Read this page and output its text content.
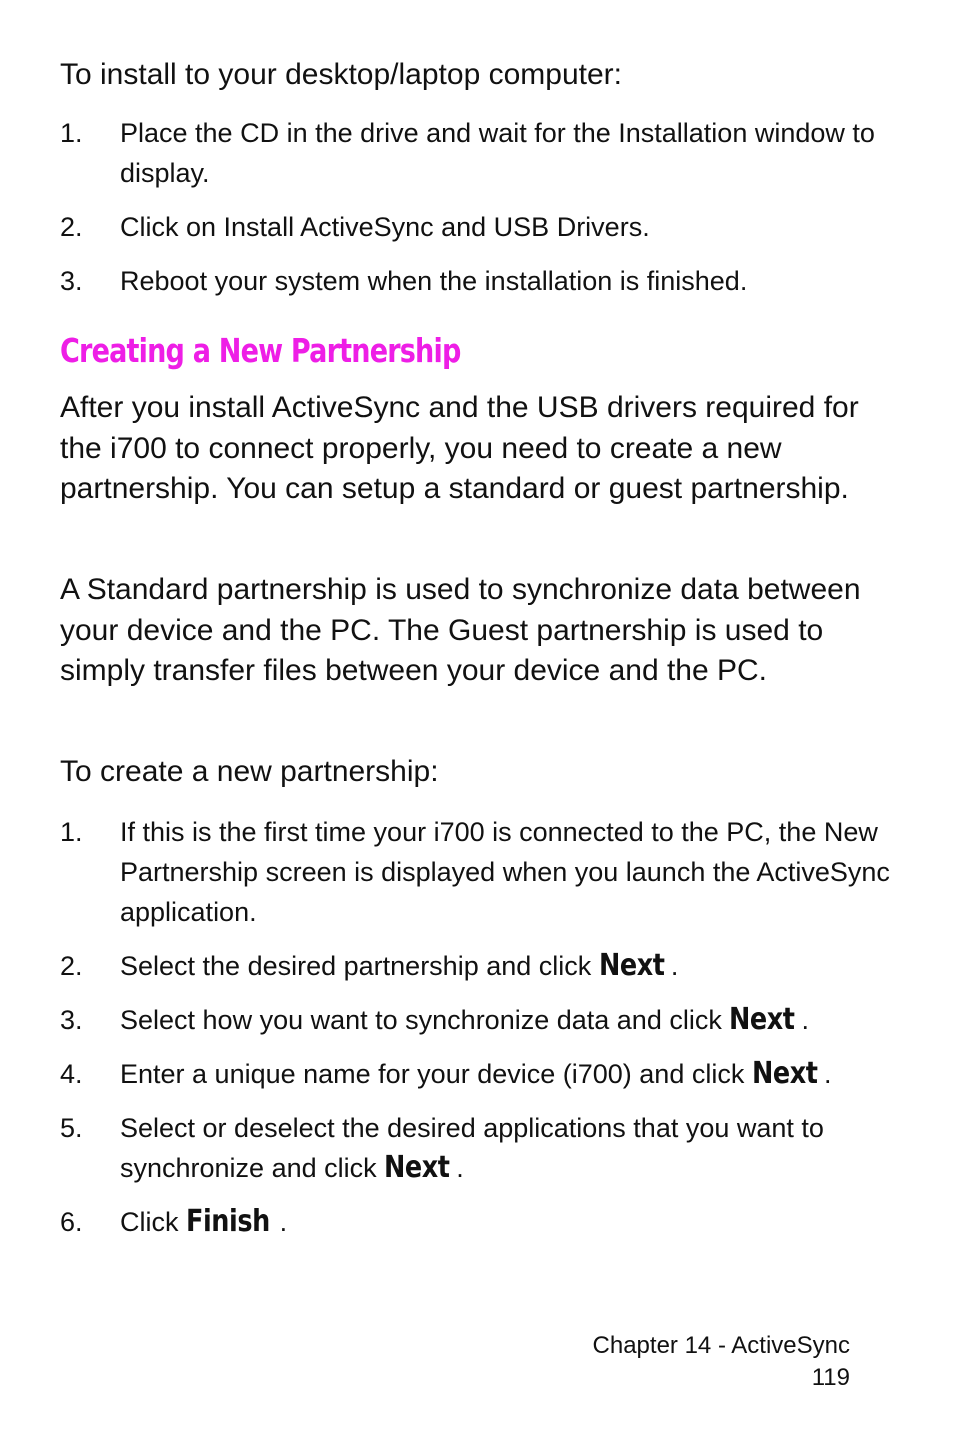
To install to your desktop/laptop computer:

1.	Place the CD in the drive and wait for the Installation window to display.
2.	Click on Install ActiveSync and USB Drivers.
3.	Reboot your system when the installation is finished.
Creating a New Partnership

After you install ActiveSync and the USB drivers required for the i700 to connect properly, you need to create a new partnership. You can setup a standard or guest partnership.

A Standard partnership is used to synchronize data between your device and the PC. The Guest partnership is used to simply transfer files between your device and the PC.

To create a new partnership:

1.	If this is the first time your i700 is connected to the PC, the New Partnership screen is displayed when you launch the ActiveSync application.
2.	Select the desired partnership and click Next .
3.	Select how you want to synchronize data and click Next .
4.	Enter a unique name for your device (i700) and click Next .
5.	Select or deselect the desired applications that you want to synchronize and click Next .
6.	Click Finish .
Chapter 14 - ActiveSync
119
